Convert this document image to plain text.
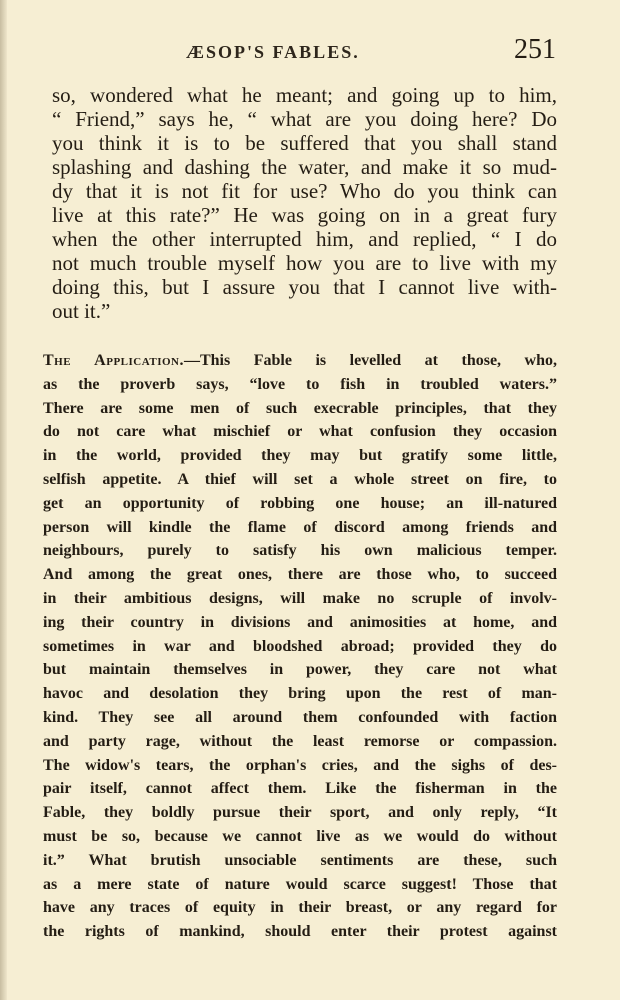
ÆSOP'S FABLES.	251
so, wondered what he meant; and going up to him,
“ Friend,” says he, “ what are you doing here? Do
you think it is to be suffered that you shall stand
splashing and dashing the water, and make it so mud-
dy that it is not fit for use? Who do you think can
live at this rate?” He was going on in a great fury
when the other interrupted him, and replied, “ I do
not much trouble myself how you are to live with my
doing this, but I assure you that I cannot live with-
out it.”
The Application.—This Fable is levelled at those, who,
as the proverb says, “love to fish in troubled waters.”
There are some men of such execrable principles, that they
do not care what mischief or what confusion they occasion
in the world, provided they may but gratify some little,
selfish appetite. A thief will set a whole street on fire, to
get an opportunity of robbing one house; an ill-natured
person will kindle the flame of discord among friends and
neighbours, purely to satisfy his own malicious temper.
And among the great ones, there are those who, to succeed
in their ambitious designs, will make no scruple of involv-
ing their country in divisions and animosities at home, and
sometimes in war and bloodshed abroad; provided they do
but maintain themselves in power, they care not what
havoc and desolation they bring upon the rest of man-
kind. They see all around them confounded with faction
and party rage, without the least remorse or compassion.
The widow's tears, the orphan's cries, and the sighs of des-
pair itself, cannot affect them. Like the fisherman in the
Fable, they boldly pursue their sport, and only reply, “It
must be so, because we cannot live as we would do without
it.” What brutish unsociable sentiments are these, such
as a mere state of nature would scarce suggest! Those that
have any traces of equity in their breast, or any regard for
the rights of mankind, should enter their protest against
